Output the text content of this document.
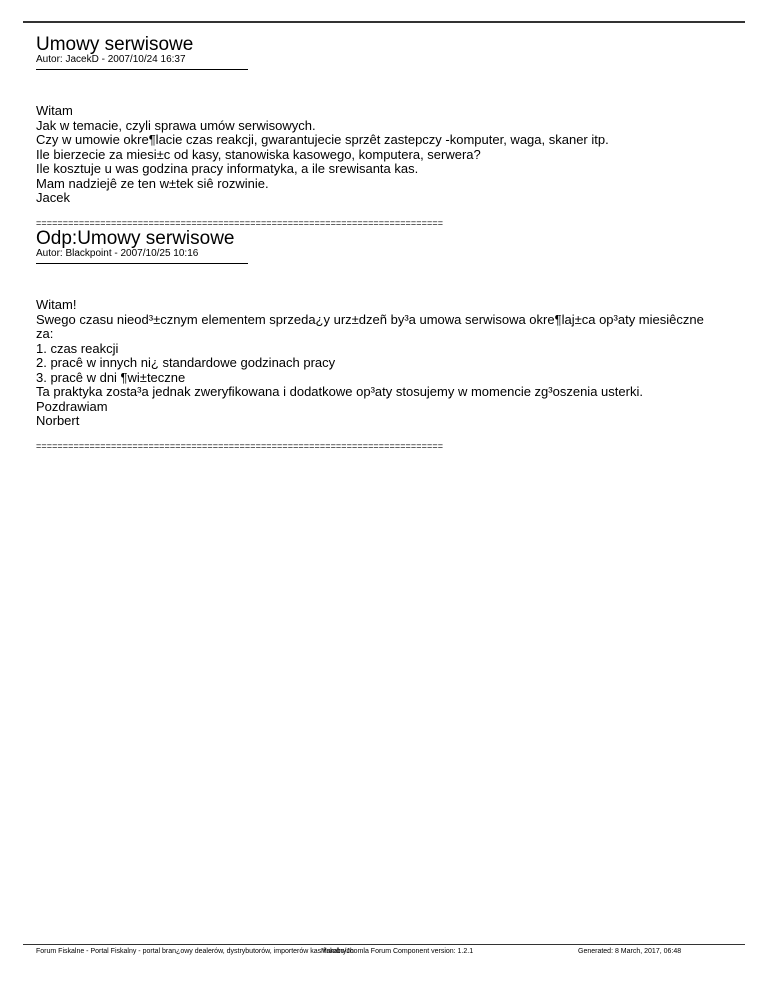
Umowy serwisowe
Autor: JacekD - 2007/10/24 16:37
Witam
Jak w temacie, czyli sprawa umów serwisowych.
Czy w umowie okre¶lacie czas reakcji, gwarantujecie sprzêt zastepczy -komputer, waga, skaner itp.
Ile bierzecie za miesi±c od kasy, stanowiska kasowego, komputera, serwera?
Ile kosztuje u was godzina pracy informatyka, a ile srewisanta kas.
Mam nadziejê ze ten w±tek siê rozwinie.
Jacek
============================================================================
Odp:Umowy serwisowe
Autor: Blackpoint - 2007/10/25 10:16
Witam!
Swego czasu nieod³±cznym elementem sprzeda¿y urz±dzeñ by³a umowa serwisowa okre¶laj±ca op³aty miesiêczne
za:
1. czas reakcji
2. pracê w innych ni¿ standardowe godzinach pracy
3. pracê w dni ¶wi±teczne
Ta praktyka zosta³a jednak zweryfikowana i dodatkowe op³aty stosujemy w momencie zg³oszenia usterki.
Pozdrawiam
Norbert
============================================================================
Forum Fiskalne - Portal Fiskalny - portal bran¿owy dealerów, dystrybutorów, importerów kas fiskalnych
Mambo/Joomla Forum Component version: 1.2.1	Generated: 8 March, 2017, 06:48
